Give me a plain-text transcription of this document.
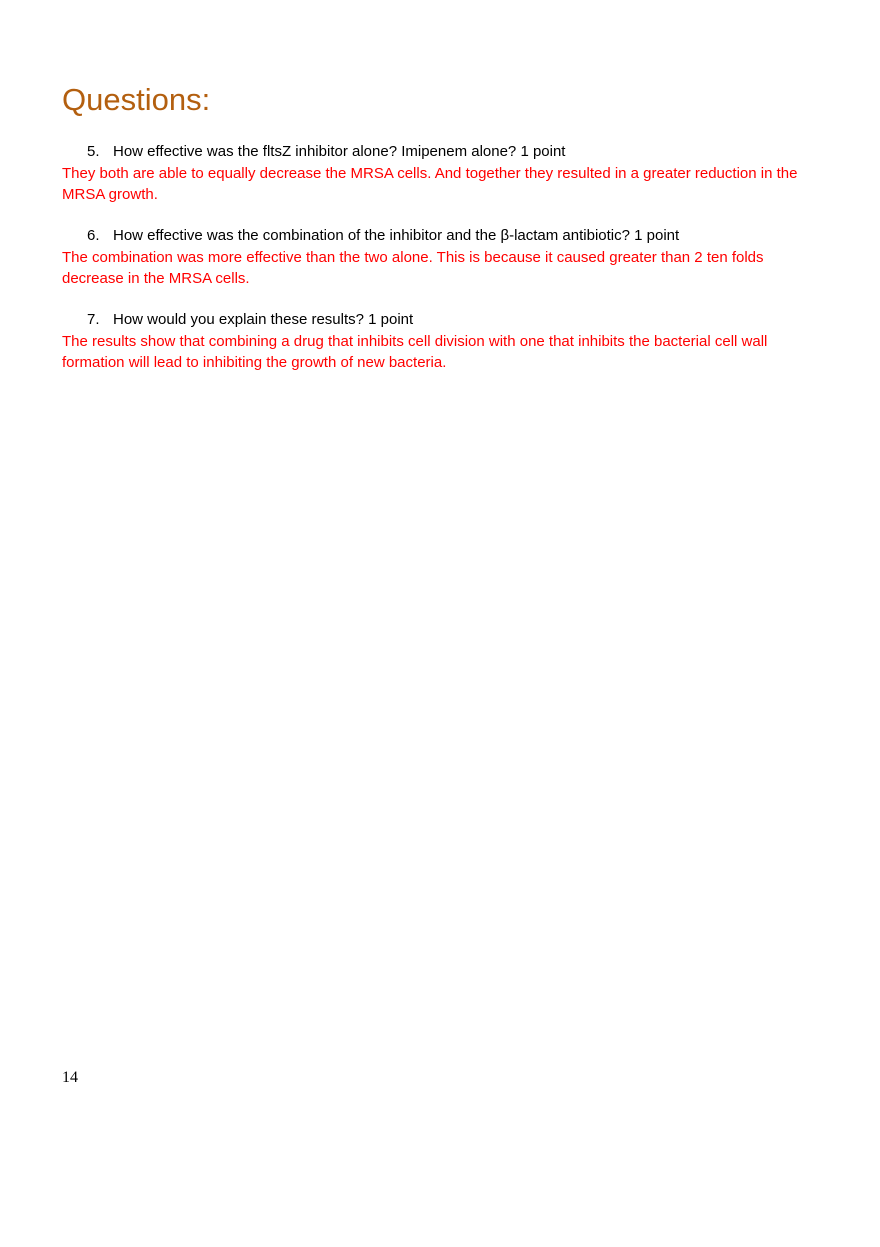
Questions:
5. How effective was the fltsZ inhibitor alone? Imipenem alone? 1 point

They both are able to equally decrease the MRSA cells. And together they resulted in a greater reduction in the MRSA growth.

6. How effective was the combination of the inhibitor and the β-lactam antibiotic? 1 point

The combination was more effective than the two alone. This is because it caused greater than 2 ten folds decrease in the MRSA cells.

7. How would you explain these results? 1 point

The results show that combining a drug that inhibits cell division with one that inhibits the bacterial cell wall formation will lead to inhibiting the growth of new bacteria.

14
